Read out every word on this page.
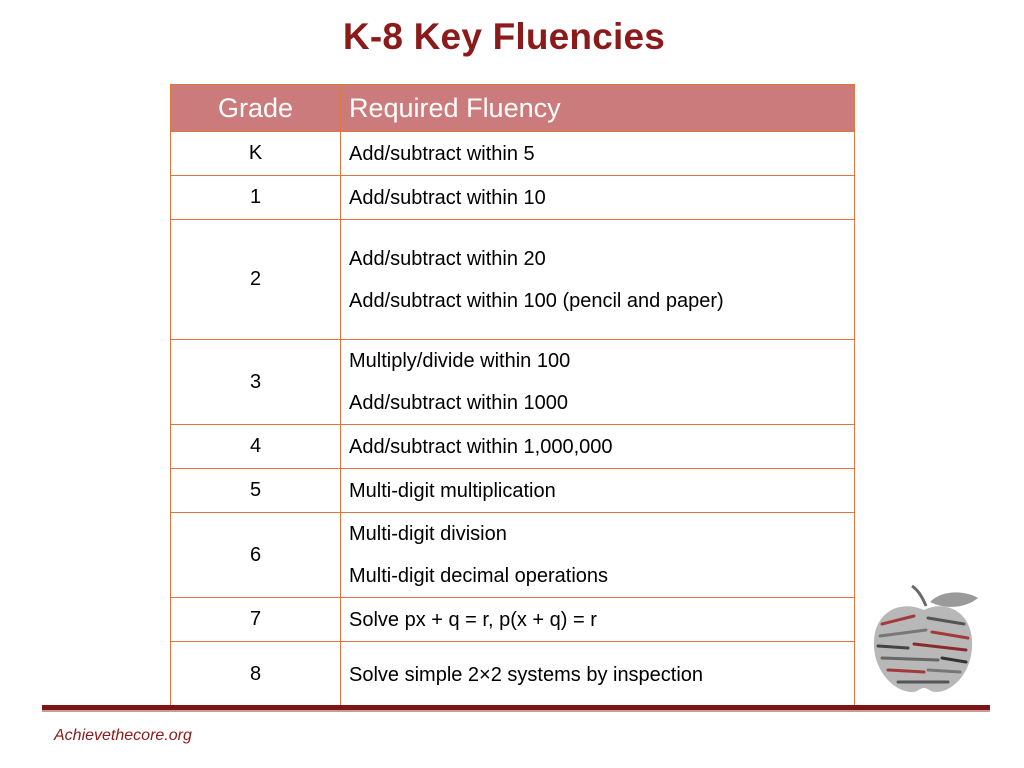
K-8 Key Fluencies
Grade	Required Fluency
K	Add/subtract within 5

1	Add/subtract within 10

2	Add/subtract within 20
Add/subtract within 100 (pencil and paper)

3	Multiply/divide within 100
Add/subtract within 1000

4	Add/subtract within 1,000,000

5	Multi-digit multiplication

6	Multi-digit division
Multi-digit decimal operations

7	Solve px + q = r, p(x + q) = r

8	Solve simple 2×2 systems by inspection
Achievethecore.org
